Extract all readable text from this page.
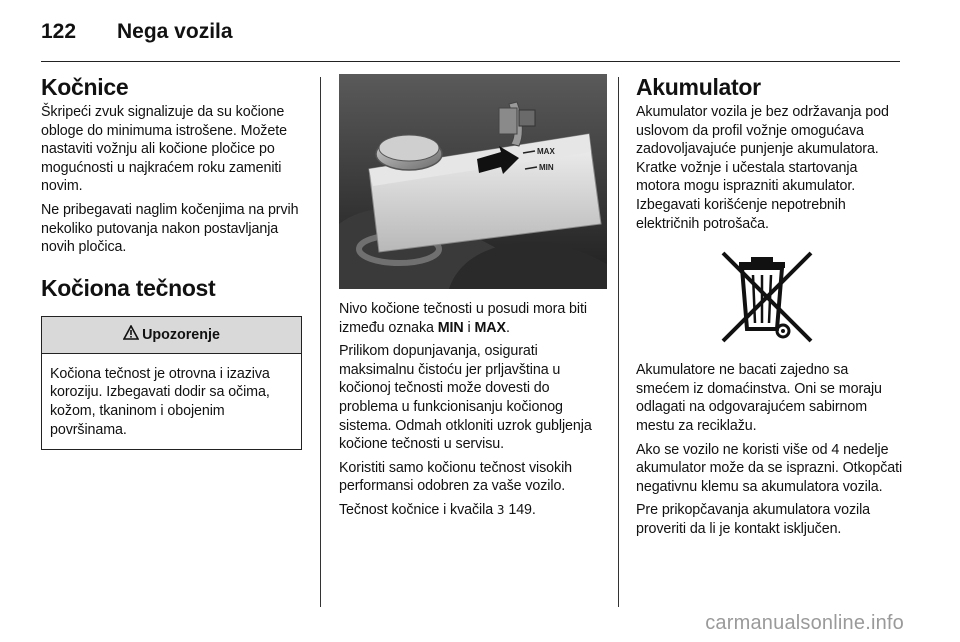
122	Nega vozila
Kočnice

Škripeći zvuk signalizuje da su kočione obloge do minimuma istrošene. Možete nastaviti vožnju ali kočione pločice po mogućnosti u najkraćem roku zameniti novim.

Ne pribegavati naglim kočenjima na prvih nekoliko putovanja nakon postavljanja novih pločica.

Kočiona tečnost
Upozorenje

Kočiona tečnost je otrovna i izaziva koroziju. Izbegavati dodir sa očima, kožom, tkaninom i obojenim površinama.

MAX
MIN

Nivo kočione tečnosti u posudi mora biti između oznaka MIN i MAX.

Prilikom dopunjavanja, osigurati maksimalnu čistoću jer prljavština u kočionoj tečnosti može dovesti do problema u funkcionisanju kočionog sistema. Odmah otkloniti uzrok gubljenja kočione tečnosti u servisu.

Koristiti samo kočionu tečnost visokih performansi odobren za vaše vozilo.

Tečnost kočnice i kvačila 3 149.

Akumulator

Akumulator vozila je bez održavanja pod uslovom da profil vožnje omogućava zadovoljavajuće punjenje akumulatora. Kratke vožnje i učestala startovanja motora mogu isprazniti akumulator. Izbegavati korišćenje nepotrebnih električnih potrošača.

Akumulatore ne bacati zajedno sa smećem iz domaćinstva. Oni se moraju odlagati na odgovarajućem sabirnom mestu za reciklažu.

Ako se vozilo ne koristi više od 4 nedelje akumulator može da se isprazni. Otkopčati negativnu klemu sa akumulatora vozila.

Pre prikopčavanja akumulatora vozila proveriti da li je kontakt isključen.

carmanualsonline.info
